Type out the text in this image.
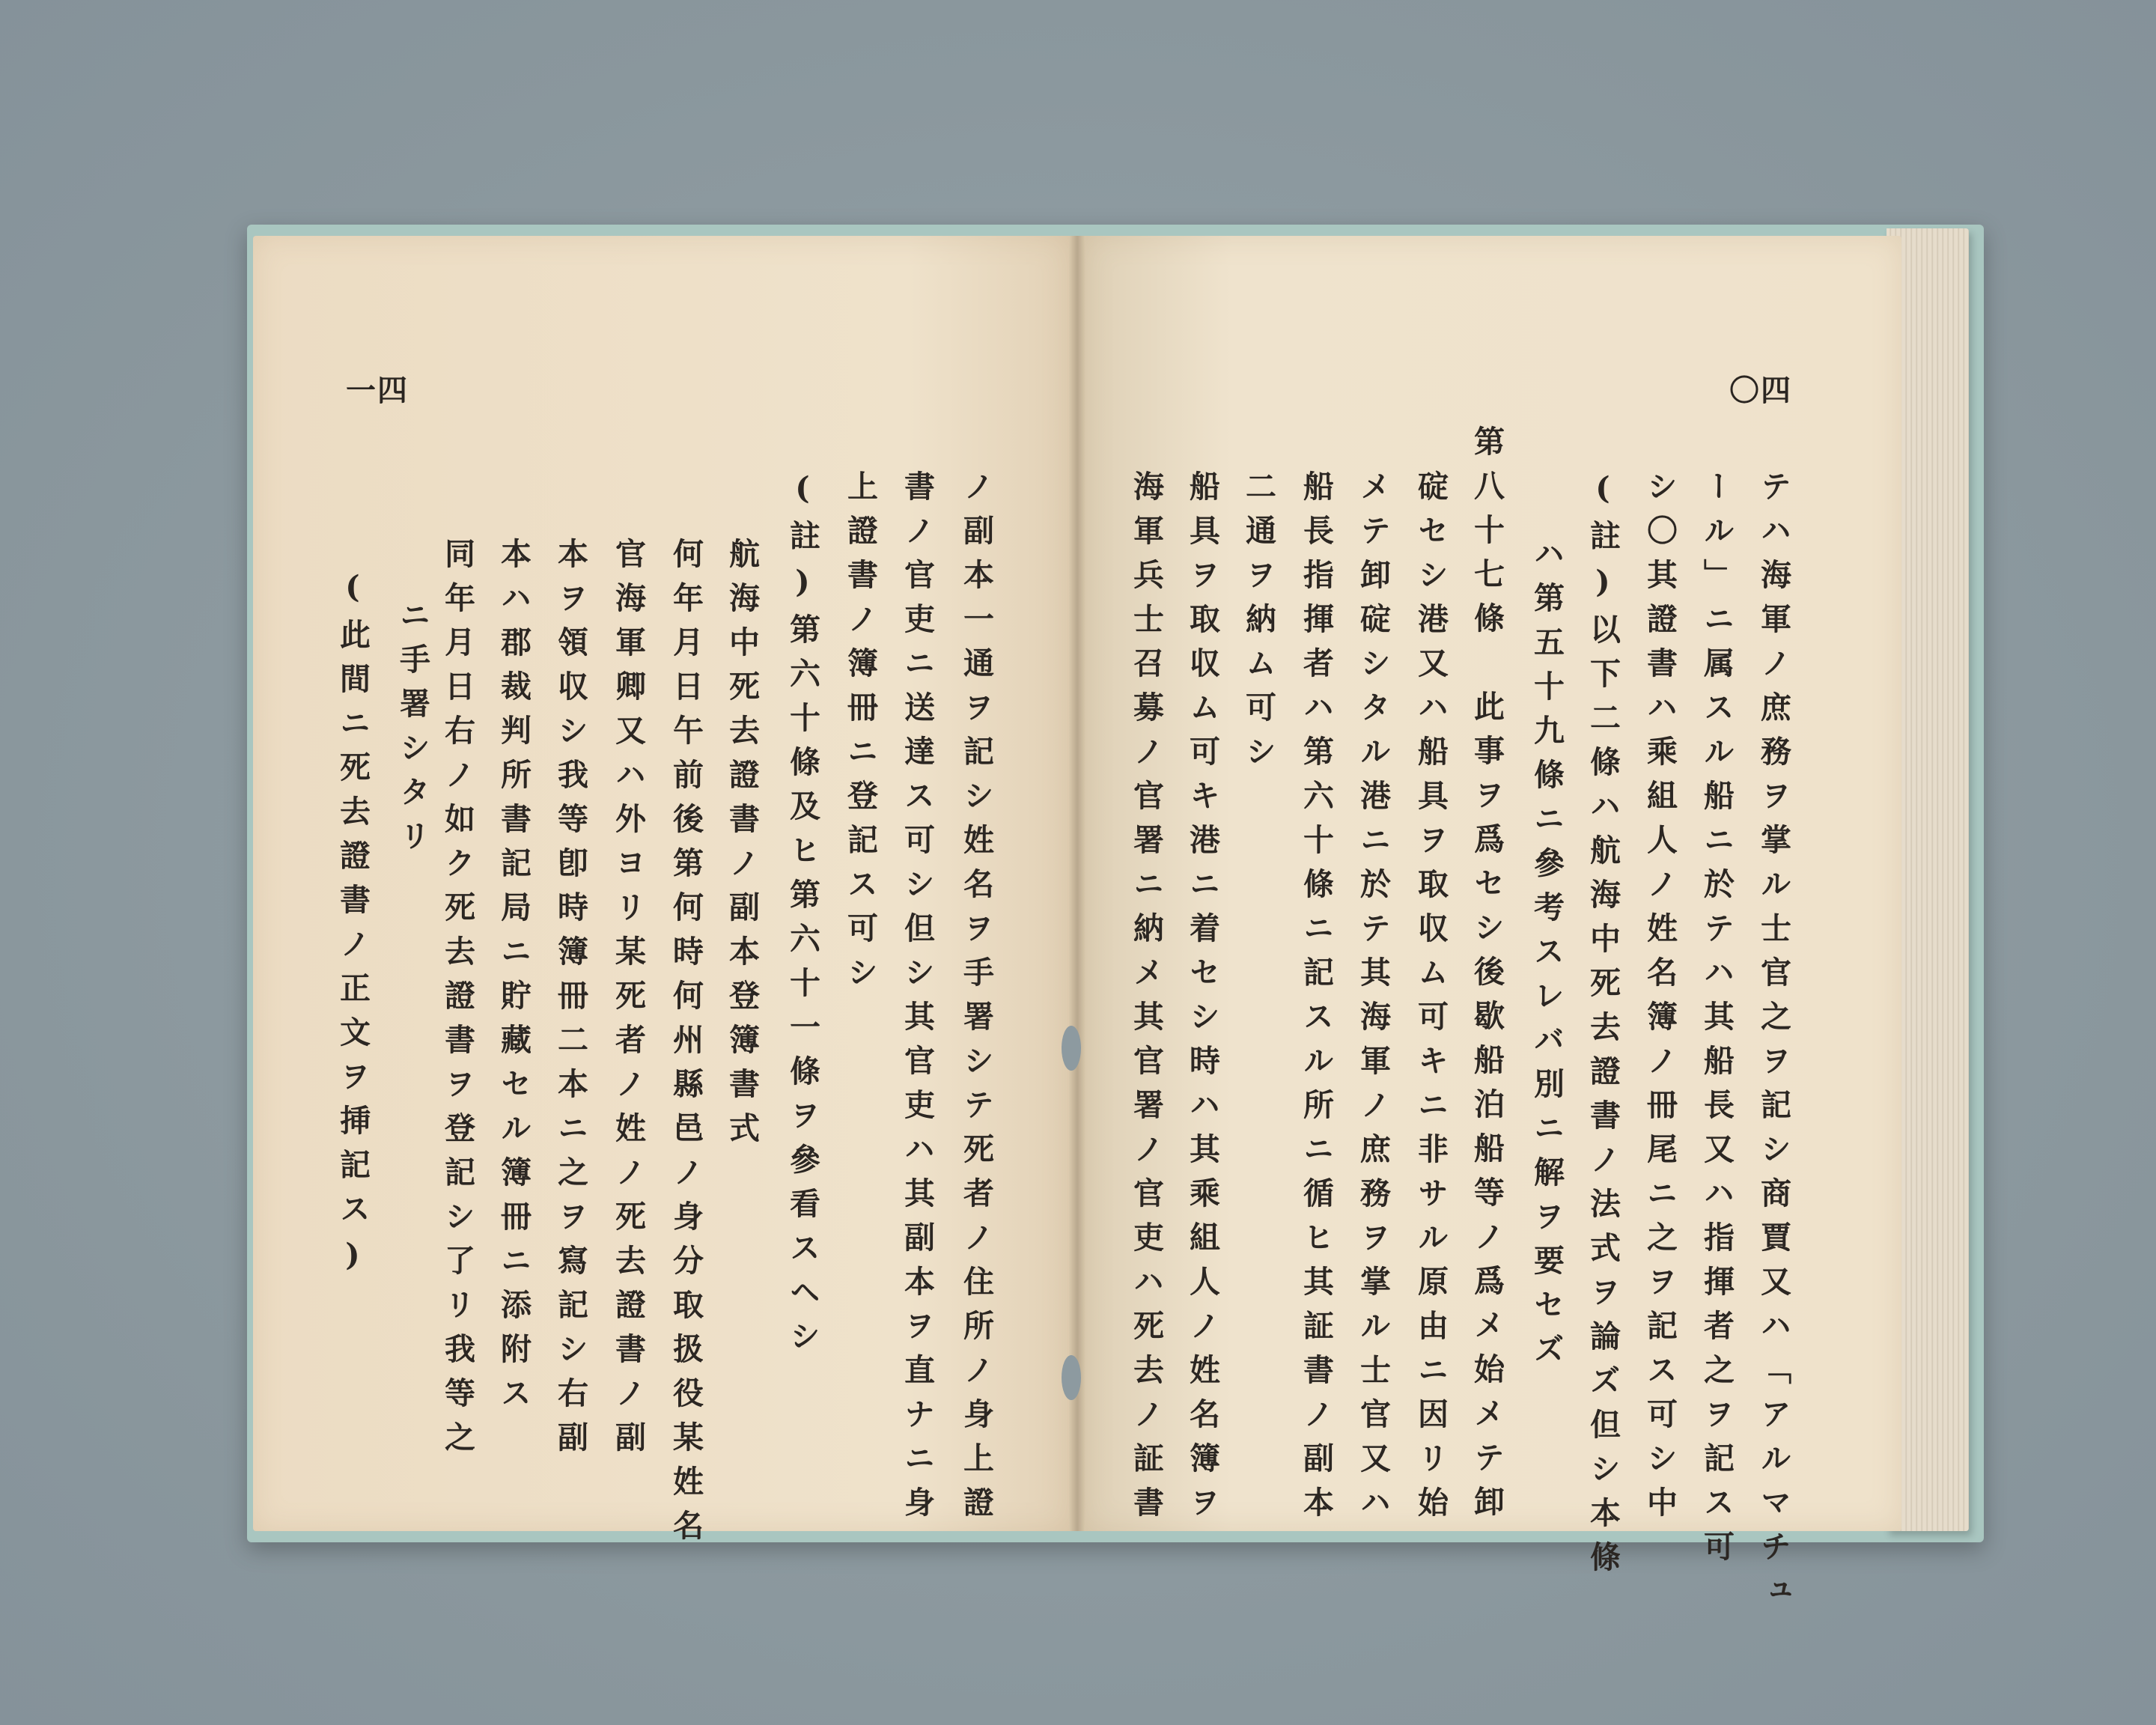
一四
ノ副本一通ヲ記シ姓名ヲ手署シテ死者ノ住所ノ身上證
書ノ官吏ニ送達ス可シ但シ其官吏ハ其副本ヲ直ナニ身
上證書ノ簿冊ニ登記ス可シ
(註)第六十條及ヒ第六十一條ヲ參看スヘシ
航海中死去證書ノ副本登簿書式
何年月日午前後第何時何州縣邑ノ身分取扱役某姓名
官海軍卿又ハ外ヨリ某死者ノ姓ノ死去證書ノ副
本ヲ領収シ我等卽時簿冊二本ニ之ヲ寫記シ右副
本ハ郡裁判所書記局ニ貯藏セル簿冊ニ添附ス
同年月日右ノ如ク死去證書ヲ登記シ了リ我等之
ニ手署シタリ
(此間ニ死去證書ノ正文ヲ挿記ス)
〇四
テハ海軍ノ庶務ヲ掌ル士官之ヲ記シ商賈又ハ「アルマチュ
ール」ニ属スル船ニ於テハ其船長又ハ指揮者之ヲ記ス可
シ〇其證書ハ乘組人ノ姓名簿ノ冊尾ニ之ヲ記ス可シ中
(註)以下二條ハ航海中死去證書ノ法式ヲ論ズ但シ本條
ハ第五十九條ニ參考スレバ別ニ解ヲ要セズ
第八十七條　此事ヲ爲セシ後歇船泊船等ノ爲メ始メテ卸
碇セシ港又ハ船具ヲ取収ム可キニ非サル原由ニ因リ始
メテ卸碇シタル港ニ於テ其海軍ノ庶務ヲ掌ル士官又ハ
船長指揮者ハ第六十條ニ記スル所ニ循ヒ其証書ノ副本
二通ヲ納ム可シ
船具ヲ取収ム可キ港ニ着セシ時ハ其乘組人ノ姓名簿ヲ
海軍兵士召募ノ官署ニ納メ其官署ノ官吏ハ死去ノ証書
